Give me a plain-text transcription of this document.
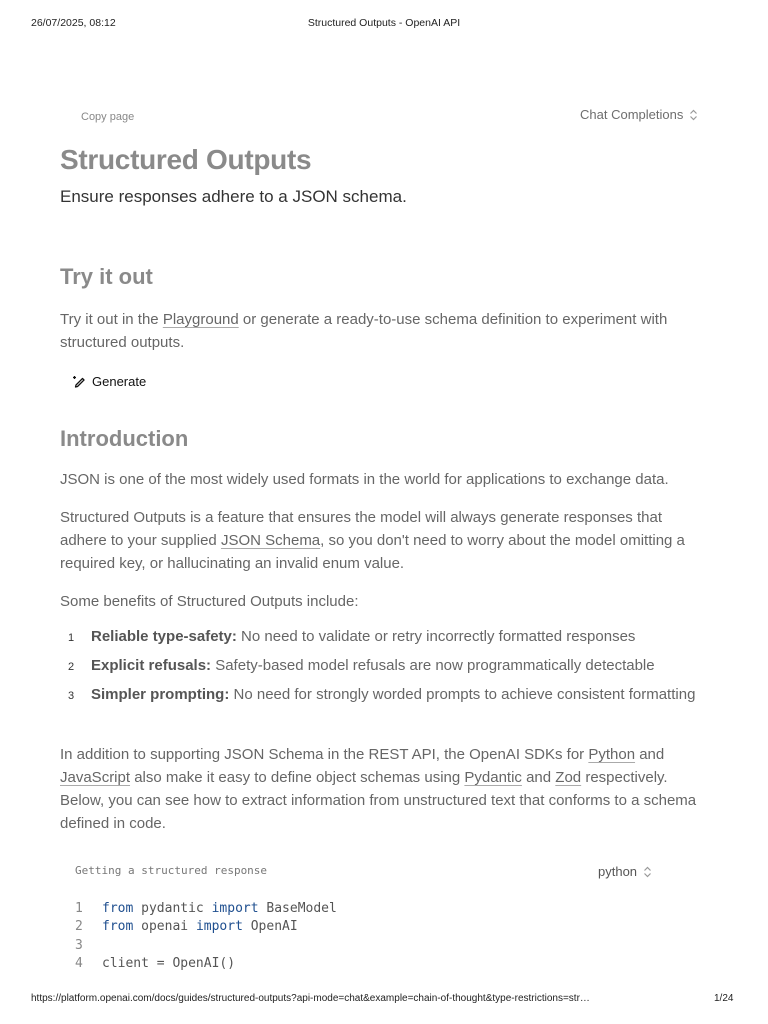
26/07/2025, 08:12	Structured Outputs - OpenAI API
Copy page	Chat Completions
Structured Outputs
Ensure responses adhere to a JSON schema.
Try it out
Try it out in the Playground or generate a ready-to-use schema definition to experiment with structured outputs.
Generate
Introduction
JSON is one of the most widely used formats in the world for applications to exchange data.
Structured Outputs is a feature that ensures the model will always generate responses that adhere to your supplied JSON Schema, so you don't need to worry about the model omitting a required key, or hallucinating an invalid enum value.
Some benefits of Structured Outputs include:
1 Reliable type-safety: No need to validate or retry incorrectly formatted responses
2 Explicit refusals: Safety-based model refusals are now programmatically detectable
3 Simpler prompting: No need for strongly worded prompts to achieve consistent formatting
In addition to supporting JSON Schema in the REST API, the OpenAI SDKs for Python and JavaScript also make it easy to define object schemas using Pydantic and Zod respectively. Below, you can see how to extract information from unstructured text that conforms to a schema defined in code.
Getting a structured response	python
1	from pydantic import BaseModel
2	from openai import OpenAI
3
4	client = OpenAI()
https://platform.openai.com/docs/guides/structured-outputs?api-mode=chat&example=chain-of-thought&type-restrictions=str…	1/24
